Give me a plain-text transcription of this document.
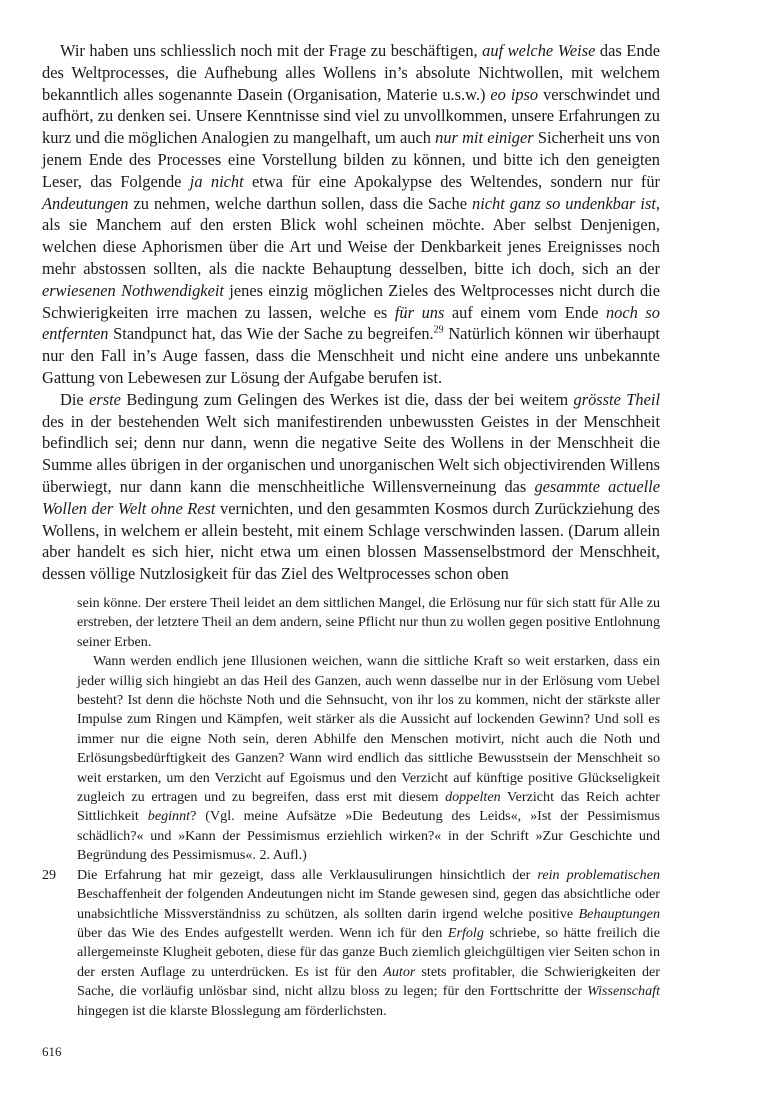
Wir haben uns schliesslich noch mit der Frage zu beschäftigen, auf welche Weise das Ende des Weltprocesses, die Aufhebung alles Wollens in’s absolute Nichtwollen, mit welchem bekanntlich alles sogenannte Dasein (Organisation, Materie u.s.w.) eo ipso verschwindet und aufhört, zu denken sei. Unsere Kenntnisse sind viel zu unvollkommen, unsere Erfahrungen zu kurz und die möglichen Analogien zu mangelhaft, um auch nur mit einiger Sicherheit uns von jenem Ende des Processes eine Vorstellung bilden zu können, und bitte ich den geneigten Leser, das Folgende ja nicht etwa für eine Apokalypse des Weltendes, sondern nur für Andeutungen zu nehmen, welche darthun sollen, dass die Sache nicht ganz so undenkbar ist, als sie Manchem auf den ersten Blick wohl scheinen möchte. Aber selbst Denjenigen, welchen diese Aphorismen über die Art und Weise der Denkbarkeit jenes Ereignisses noch mehr abstossen sollten, als die nackte Behauptung desselben, bitte ich doch, sich an der erwiesenen Nothwendigkeit jenes einzig möglichen Zieles des Weltprocesses nicht durch die Schwierigkeiten irre machen zu lassen, welche es für uns auf einem vom Ende noch so entfernten Standpunct hat, das Wie der Sache zu begreifen.$^{29}$ Natürlich können wir überhaupt nur den Fall in’s Auge fassen, dass die Menschheit und nicht eine andere uns unbekannte Gattung von Lebewesen zur Lösung der Aufgabe berufen ist.

Die erste Bedingung zum Gelingen des Werkes ist die, dass der bei weitem grösste Theil des in der bestehenden Welt sich manifestirenden unbewussten Geistes in der Menschheit befindlich sei; denn nur dann, wenn die negative Seite des Wollens in der Menschheit die Summe alles übrigen in der organischen und unorganischen Welt sich objectivirenden Willens überwiegt, nur dann kann die menschheitliche Willensverneinung das gesammte actuelle Wollen der Welt ohne Rest vernichten, und den gesammten Kosmos durch Zurückziehung des Wollens, in welchem er allein besteht, mit einem Schlage verschwinden lassen. (Darum allein aber handelt es sich hier, nicht etwa um einen blossen Massenselbstmord der Menschheit, dessen völlige Nutzlosigkeit für das Ziel des Weltprocesses schon oben

sein könne. Der erstere Theil leidet an dem sittlichen Mangel, die Erlösung nur für sich statt für Alle zu erstreben, der letztere Theil an dem andern, seine Pflicht nur thun zu wollen gegen positive Entlohnung seiner Erben.

Wann werden endlich jene Illusionen weichen, wann die sittliche Kraft so weit erstarken, dass ein jeder willig sich hingiebt an das Heil des Ganzen, auch wenn dasselbe nur in der Erlösung vom Uebel besteht? Ist denn die höchste Noth und die Sehnsucht, von ihr los zu kommen, nicht der stärkste aller Impulse zum Ringen und Kämpfen, weit stärker als die Aussicht auf lockenden Gewinn? Und soll es immer nur die eigne Noth sein, deren Abhilfe den Menschen motivirt, nicht auch die Noth und Erlösungsbedürftigkeit des Ganzen? Wann wird endlich das sittliche Bewusstsein der Menschheit so weit erstarken, um den Verzicht auf Egoismus und den Verzicht auf künftige positive Glückseligkeit zugleich zu ertragen und zu begreifen, dass erst mit diesem doppelten Verzicht das Reich achter Sittlichkeit beginnt? (Vgl. meine Aufsätze »Die Bedeutung des Leids«, »Ist der Pessimismus schädlich?« und »Kann der Pessimismus erziehlich wirken?« in der Schrift »Zur Geschichte und Begründung des Pessimismus«. 2. Aufl.)

29 Die Erfahrung hat mir gezeigt, dass alle Verklausulirungen hinsichtlich der rein problematischen Beschaffenheit der folgenden Andeutungen nicht im Stande gewesen sind, gegen das absichtliche oder unabsichtliche Missverständniss zu schützen, als sollten darin irgend welche positive Behauptungen über das Wie des Endes aufgestellt werden. Wenn ich für den Erfolg schriebe, so hätte freilich die allergemeinste Klugheit geboten, diese für das ganze Buch ziemlich gleichgültigen vier Seiten schon in der ersten Auflage zu unterdrücken. Es ist für den Autor stets profitabler, die Schwierigkeiten der Sache, die vorläufig unlösbar sind, nicht allzu bloss zu legen; für den Forttschritte der Wissenschaft hingegen ist die klarste Blosslegung am förderlichsten.

616
